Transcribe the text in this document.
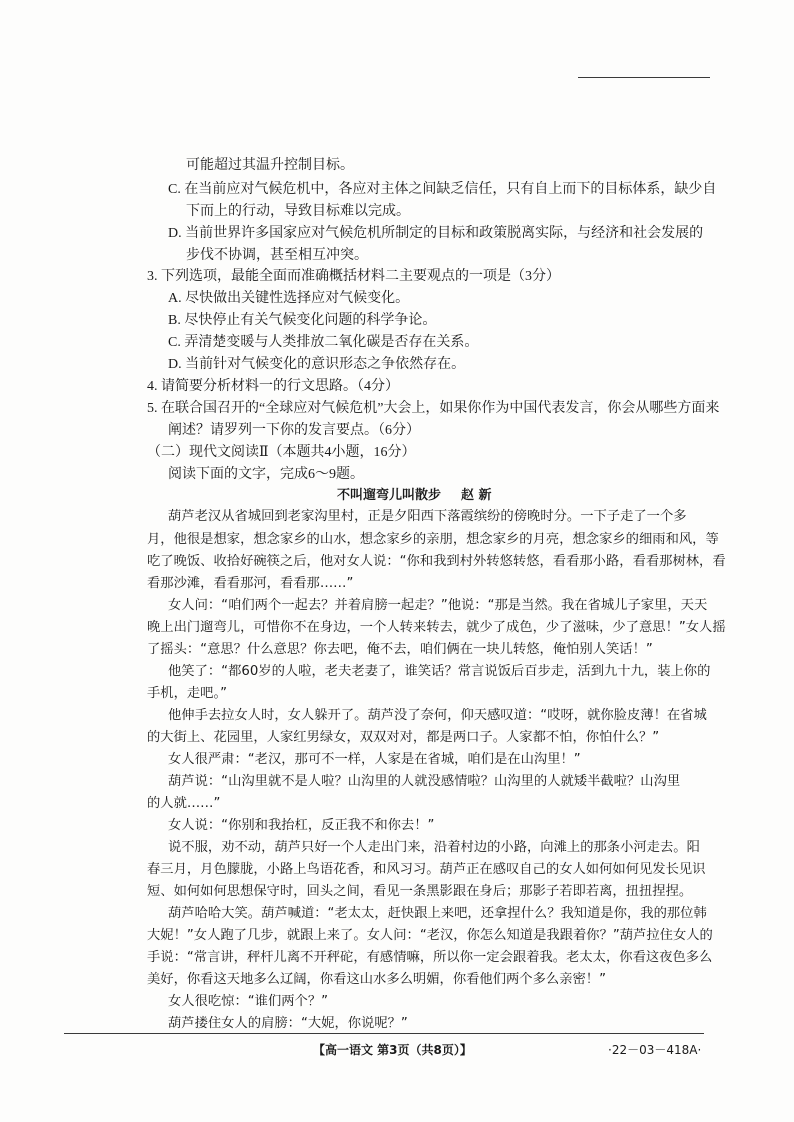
可能超过其温升控制目标。
C. 在当前应对气候危机中，各应对主体之间缺乏信任，只有自上而下的目标体系，缺少自
下而上的行动，导致目标难以完成。
D. 当前世界许多国家应对气候危机所制定的目标和政策脱离实际，与经济和社会发展的
步伐不协调，甚至相互冲突。
3. 下列选项，最能全面而准确概括材料二主要观点的一项是（3分）
A. 尽快做出关键性选择应对气候变化。
B. 尽快停止有关气候变化问题的科学争论。
C. 弄清楚变暖与人类排放二氧化碳是否存在关系。
D. 当前针对气候变化的意识形态之争依然存在。
4. 请简要分析材料一的行文思路。（4分）
5. 在联合国召开的“全球应对气候危机”大会上，如果你作为中国代表发言，你会从哪些方面来
阐述？请罗列一下你的发言要点。（6分）
（二）现代文阅读Ⅱ（本题共4小题，16分）
阅读下面的文字，完成6～9题。
不叫遛弯儿叫散步 赵 新
葫芦老汉从省城回到老家沟里村，正是夕阳西下落霞缤纷的傍晚时分。一下子走了一个多
月，他很是想家，想念家乡的山水，想念家乡的亲朋，想念家乡的月亮，想念家乡的细雨和风，等
吃了晚饭、收拾好碗筷之后，他对女人说：“你和我到村外转悠转悠，看看那小路，看看那树林，看
看那沙滩，看看那河，看看那……”
女人问：“咱们两个一起去？并着肩膀一起走？”他说：“那是当然。我在省城儿子家里，天天
晚上出门遛弯儿，可惜你不在身边，一个人转来转去，就少了成色，少了滋味，少了意思！”女人摇
了摇头：“意思？什么意思？你去吧，俺不去，咱们俩在一块儿转悠，俺怕别人笑话！”
他笑了：“都60岁的人啦，老夫老妻了，谁笑话？常言说饭后百步走，活到九十九，装上你的
手机，走吧。”
他伸手去拉女人时，女人躲开了。葫芦没了奈何，仰天感叹道：“哎呀，就你脸皮薄！在省城
的大街上、花园里，人家红男绿女，双双对对，都是两口子。人家都不怕，你怕什么？”
女人很严肃：“老汉，那可不一样，人家是在省城，咱们是在山沟里！”
葫芦说：“山沟里就不是人啦？山沟里的人就没感情啦？山沟里的人就矮半截啦？山沟里
的人就……”
女人说：“你别和我抬杠，反正我不和你去！”
说不服，劝不动，葫芦只好一个人走出门来，沿着村边的小路，向滩上的那条小河走去。阳
春三月，月色朦胧，小路上鸟语花香，和风习习。葫芦正在感叹自己的女人如何如何见发长见识
短、如何如何思想保守时，回头之间，看见一条黑影跟在身后；那影子若即若离，扭扭捏捏。
葫芦哈哈大笑。葫芦喊道：“老太太，赶快跟上来吧，还拿捏什么？我知道是你，我的那位韩
大妮！”女人跑了几步，就跟上来了。女人问：“老汉，你怎么知道是我跟着你？”葫芦拉住女人的
手说：“常言讲，秤杆儿离不开秤砣，有感情嘛，所以你一定会跟着我。老太太，你看这夜色多么
美好，你看这天地多么辽阔，你看这山水多么明媚，你看他们两个多么亲密！”
女人很吃惊：“谁们两个？”
葫芦搂住女人的肩膀：“大妮，你说呢？”
【高一语文 第3页（共8页）】	·22－03－418A·
